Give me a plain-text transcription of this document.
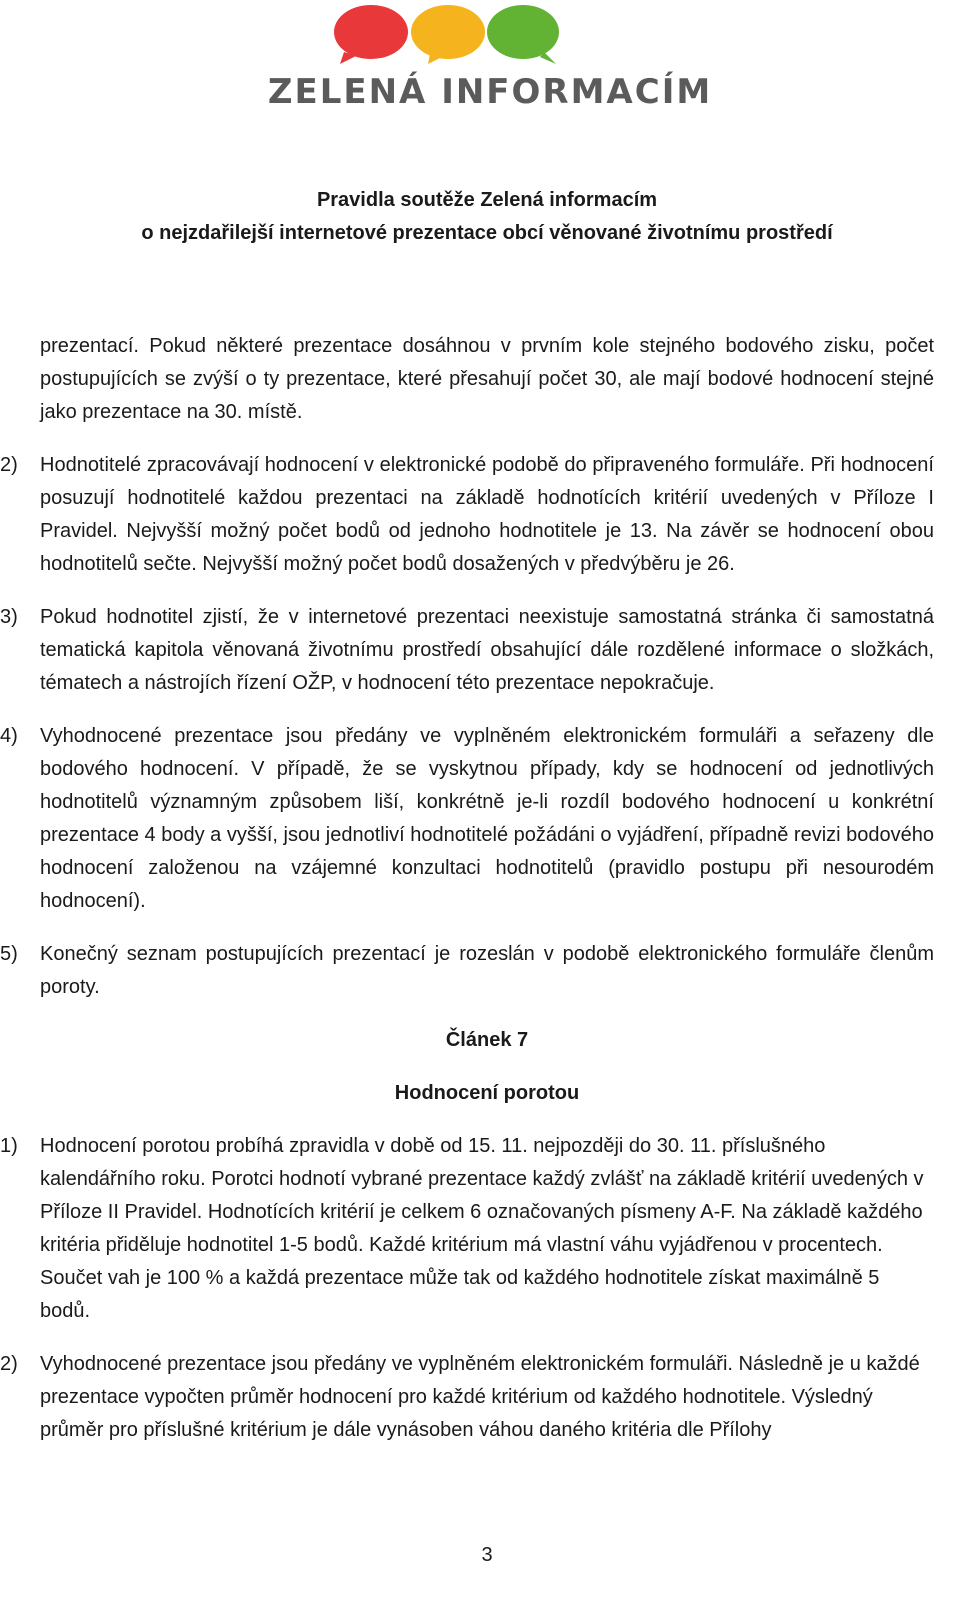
ZELENÁ INFORMACÍM
Pravidla soutěže Zelená informacím
o nejzdařilejší internetové prezentace obcí věnované životnímu prostředí

prezentací. Pokud některé prezentace dosáhnou v prvním kole stejného bodového zisku, počet postupujících se zvýší o ty prezentace, které přesahují počet 30, ale mají bodové hodnocení stejné jako prezentace na 30. místě.

2) Hodnotitelé zpracovávají hodnocení v elektronické podobě do připraveného formuláře. Při hodnocení posuzují hodnotitelé každou prezentaci na základě hodnotících kritérií uvedených v Příloze I Pravidel. Nejvyšší možný počet bodů od jednoho hodnotitele je 13. Na závěr se hodnocení obou hodnotitelů sečte. Nejvyšší možný počet bodů dosažených v předvýběru je 26.
3) Pokud hodnotitel zjistí, že v internetové prezentaci neexistuje samostatná stránka či samostatná tematická kapitola věnovaná životnímu prostředí obsahující dále rozdělené informace o složkách, tématech a nástrojích řízení OŽP, v hodnocení této prezentace nepokračuje.
4) Vyhodnocené prezentace jsou předány ve vyplněném elektronickém formuláři a seřazeny dle bodového hodnocení. V případě, že se vyskytnou případy, kdy se hodnocení od jednotlivých hodnotitelů významným způsobem liší, konkrétně je-li rozdíl bodového hodnocení u konkrétní prezentace 4 body a vyšší, jsou jednotliví hodnotitelé požádáni o vyjádření, případně revizi bodového hodnocení založenou na vzájemné konzultaci hodnotitelů (pravidlo postupu při nesourodém hodnocení).
5) Konečný seznam postupujících prezentací je rozeslán v podobě elektronického formuláře členům poroty.
Článek 7
Hodnocení porotou
1) Hodnocení porotou probíhá zpravidla v době od 15. 11. nejpozději do 30. 11. příslušného kalendářního roku. Porotci hodnotí vybrané prezentace každý zvlášť na základě kritérií uvedených v Příloze II Pravidel. Hodnotících kritérií je celkem 6 označovaných písmeny A-F. Na základě každého kritéria přiděluje hodnotitel 1-5 bodů. Každé kritérium má vlastní váhu vyjádřenou v procentech. Součet vah je 100 % a každá prezentace může tak od každého hodnotitele získat maximálně 5 bodů.
2) Vyhodnocené prezentace jsou předány ve vyplněném elektronickém formuláři. Následně je u každé prezentace vypočten průměr hodnocení pro každé kritérium od každého hodnotitele. Výsledný průměr pro příslušné kritérium je dále vynásoben váhou daného kritéria dle Přílohy
3
